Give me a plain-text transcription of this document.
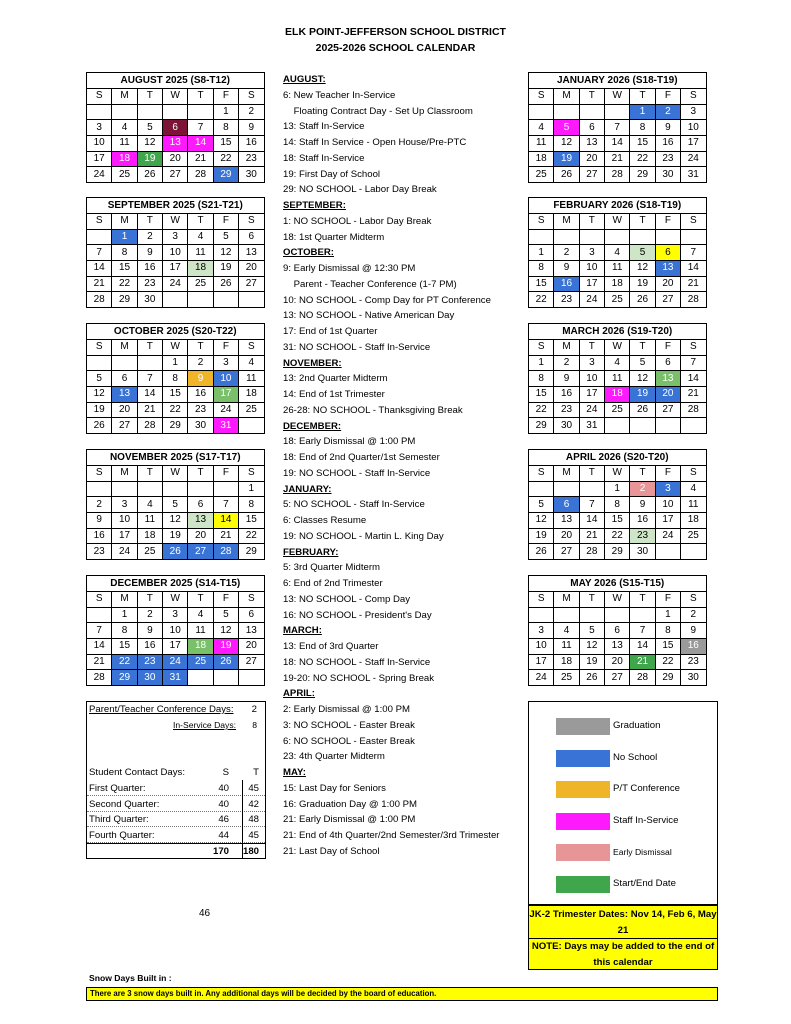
ELK POINT-JEFFERSON SCHOOL DISTRICT
2025-2026 SCHOOL CALENDAR
AUGUST 2025 (S8-T12)						
S	M	T	W	T	F	S
					1	2
3	4	5	6	7	8	9
10	11	12	13	14	15	16
17	18	19	20	21	22	23
24	25	26	27	28	29	30
SEPTEMBER 2025 (S21-T21)						
S	M	T	W	T	F	S
	1	2	3	4	5	6
7	8	9	10	11	12	13
14	15	16	17	18	19	20
21	22	23	24	25	26	27
28	29	30				
OCTOBER 2025 (S20-T22)						
S	M	T	W	T	F	S
			1	2	3	4
5	6	7	8	9	10	11
12	13	14	15	16	17	18
19	20	21	22	23	24	25
26	27	28	29	30	31	
NOVEMBER 2025 (S17-T17)						
S	M	T	W	T	F	S
						1
2	3	4	5	6	7	8
9	10	11	12	13	14	15
16	17	18	19	20	21	22
23	24	25	26	27	28	29
DECEMBER 2025 (S14-T15)						
S	M	T	W	T	F	S
	1	2	3	4	5	6
7	8	9	10	11	12	13
14	15	16	17	18	19	20
21	22	23	24	25	26	27
28	29	30	31			
JANUARY 2026 (S18-T19)						
S	M	T	W	T	F	S
				1	2	3
4	5	6	7	8	9	10
11	12	13	14	15	16	17
18	19	20	21	22	23	24
25	26	27	28	29	30	31
FEBRUARY 2026 (S18-T19)						
S	M	T	W	T	F	S

1	2	3	4	5	6	7
8	9	10	11	12	13	14
15	16	17	18	19	20	21
22	23	24	25	26	27	28
MARCH 2026 (S19-T20)						
S	M	T	W	T	F	S
1	2	3	4	5	6	7
8	9	10	11	12	13	14
15	16	17	18	19	20	21
22	23	24	25	26	27	28
29	30	31				
APRIL 2026 (S20-T20)						
S	M	T	W	T	F	S
			1	2	3	4
5	6	7	8	9	10	11
12	13	14	15	16	17	18
19	20	21	22	23	24	25
26	27	28	29	30		
MAY 2026 (S15-T15)						
S	M	T	W	T	F	S
					1	2
3	4	5	6	7	8	9
10	11	12	13	14	15	16
17	18	19	20	21	22	23
24	25	26	27	28	29	30
AUGUST:
6: New Teacher In-Service
Floating Contract Day - Set Up Classroom
13: Staff In-Service
14: Staff In Service - Open House/Pre-PTC
18: Staff In-Service
19: First Day of School
29: NO SCHOOL - Labor Day Break
SEPTEMBER:
1: NO SCHOOL - Labor Day Break
18: 1st Quarter Midterm
OCTOBER:
9: Early Dismissal @ 12:30 PM
Parent - Teacher Conference (1-7 PM)
10: NO SCHOOL - Comp Day for PT Conference
13: NO SCHOOL - Native American Day
17: End of 1st Quarter
31: NO SCHOOL - Staff In-Service
NOVEMBER:
13: 2nd Quarter Midterm
14: End of 1st Trimester
26-28: NO SCHOOL - Thanksgiving Break
DECEMBER:
18: Early Dismissal @ 1:00 PM
18: End of 2nd Quarter/1st Semester
19: NO SCHOOL - Staff In-Service
JANUARY:
5: NO SCHOOL - Staff In-Service
6: Classes Resume
19: NO SCHOOL - Martin L. King Day
FEBRUARY:
5: 3rd Quarter Midterm
6: End of 2nd Trimester
13: NO SCHOOL - Comp Day
16: NO SCHOOL - President's Day
MARCH:
13: End of 3rd Quarter
18: NO SCHOOL - Staff In-Service
19-20: NO SCHOOL - Spring Break
APRIL:
2: Early Dismissal @ 1:00 PM
3: NO SCHOOL - Easter Break
6: NO SCHOOL - Easter Break
23: 4th Quarter Midterm
MAY:
15: Last Day for Seniors
16: Graduation Day @ 1:00 PM
21: Early Dismissal @ 1:00 PM
21: End of 4th Quarter/2nd Semester/3rd Trimester
21: Last Day of School
Parent/Teacher Conference Days:	2
In-Service Days:	8
Student Contact Days:	S	T
First Quarter:	40	45
Second Quarter:	40	42
Third Quarter:	46	48
Fourth Quarter:	44	45
170	180
Graduation
No School
P/T Conference
Staff In-Service
Early Dismissal
Start/End Date
JK-2 Trimester Dates: Nov 14, Feb 6, May 21
NOTE: Days may be added to the end of this calendar
46
Snow Days Built in :
There are 3 snow days built in. Any additional days will be decided by the board of education.
